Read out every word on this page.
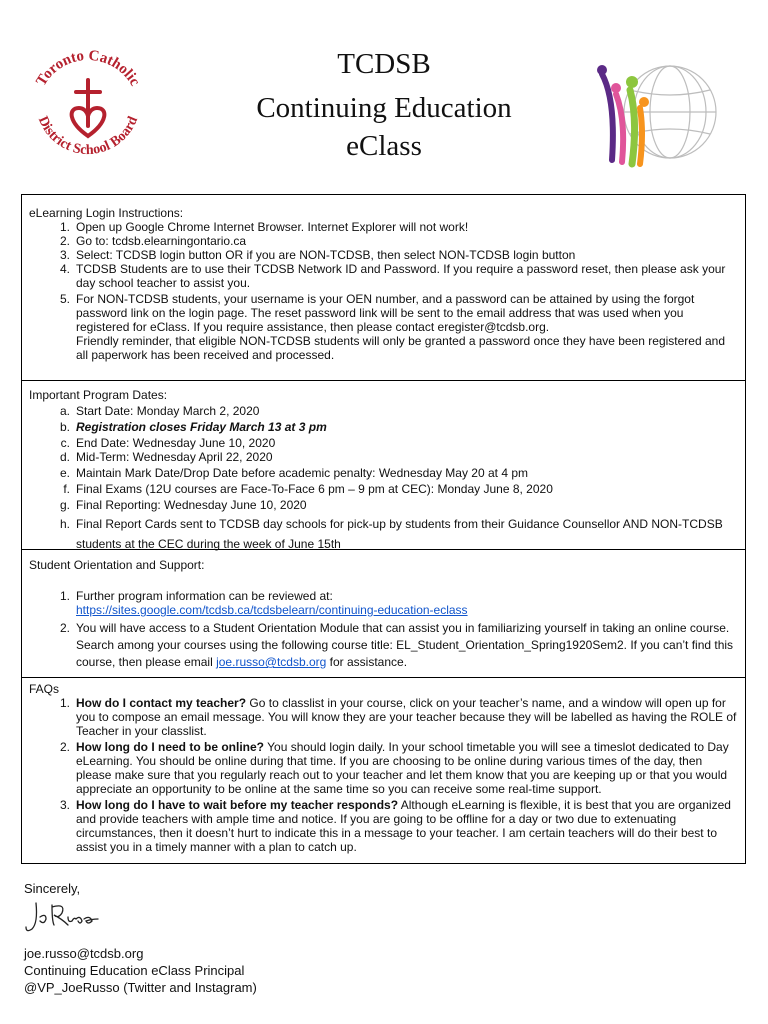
Toronto Catholic
District School Board
TCDSB
Continuing Education
eClass
eLearning Login Instructions:
1. Open up Google Chrome Internet Browser. Internet Explorer will not work!
2. Go to: tcdsb.elearningontario.ca
3. Select: TCDSB login button OR if you are NON-TCDSB, then select NON-TCDSB login button
4. TCDSB Students are to use their TCDSB Network ID and Password. If you require a password reset, then please ask your day school teacher to assist you.
5. For NON-TCDSB students, your username is your OEN number, and a password can be attained by using the forgot password link on the login page. The reset password link will be sent to the email address that was used when you registered for eClass. If you require assistance, then please contact eregister@tcdsb.org.
Friendly reminder, that eligible NON-TCDSB students will only be granted a password once they have been registered and all paperwork has been received and processed.
Important Program Dates:
a. Start Date: Monday March 2, 2020
b. Registration closes Friday March 13 at 3 pm
c. End Date: Wednesday June 10, 2020
d. Mid-Term: Wednesday April 22, 2020
e. Maintain Mark Date/Drop Date before academic penalty: Wednesday May 20 at 4 pm
f. Final Exams (12U courses are Face-To-Face 6 pm – 9 pm at CEC): Monday June 8, 2020
g. Final Reporting: Wednesday June 10, 2020
h. Final Report Cards sent to TCDSB day schools for pick-up by students from their Guidance Counsellor AND NON-TCDSB students at the CEC during the week of June 15th
Student Orientation and Support:
1. Further program information can be reviewed at:
https://sites.google.com/tcdsb.ca/tcdsbelearn/continuing-education-eclass
2. You will have access to a Student Orientation Module that can assist you in familiarizing yourself in taking an online course. Search among your courses using the following course title: EL_Student_Orientation_Spring1920Sem2. If you can’t find this course, then please email joe.russo@tcdsb.org for assistance.
FAQs
1. How do I contact my teacher? Go to classlist in your course, click on your teacher’s name, and a window will open up for you to compose an email message. You will know they are your teacher because they will be labelled as having the ROLE of Teacher in your classlist.
2. How long do I need to be online? You should login daily. In your school timetable you will see a timeslot dedicated to Day eLearning. You should be online during that time. If you are choosing to be online during various times of the day, then please make sure that you regularly reach out to your teacher and let them know that you are keeping up or that you would appreciate an opportunity to be online at the same time so you can receive some real-time support.
3. How long do I have to wait before my teacher responds? Although eLearning is flexible, it is best that you are organized and provide teachers with ample time and notice. If you are going to be offline for a day or two due to extenuating circumstances, then it doesn’t hurt to indicate this in a message to your teacher. I am certain teachers will do their best to assist you in a timely manner with a plan to catch up.
Sincerely,
joe.russo@tcdsb.org
Continuing Education eClass Principal
@VP_JoeRusso (Twitter and Instagram)
